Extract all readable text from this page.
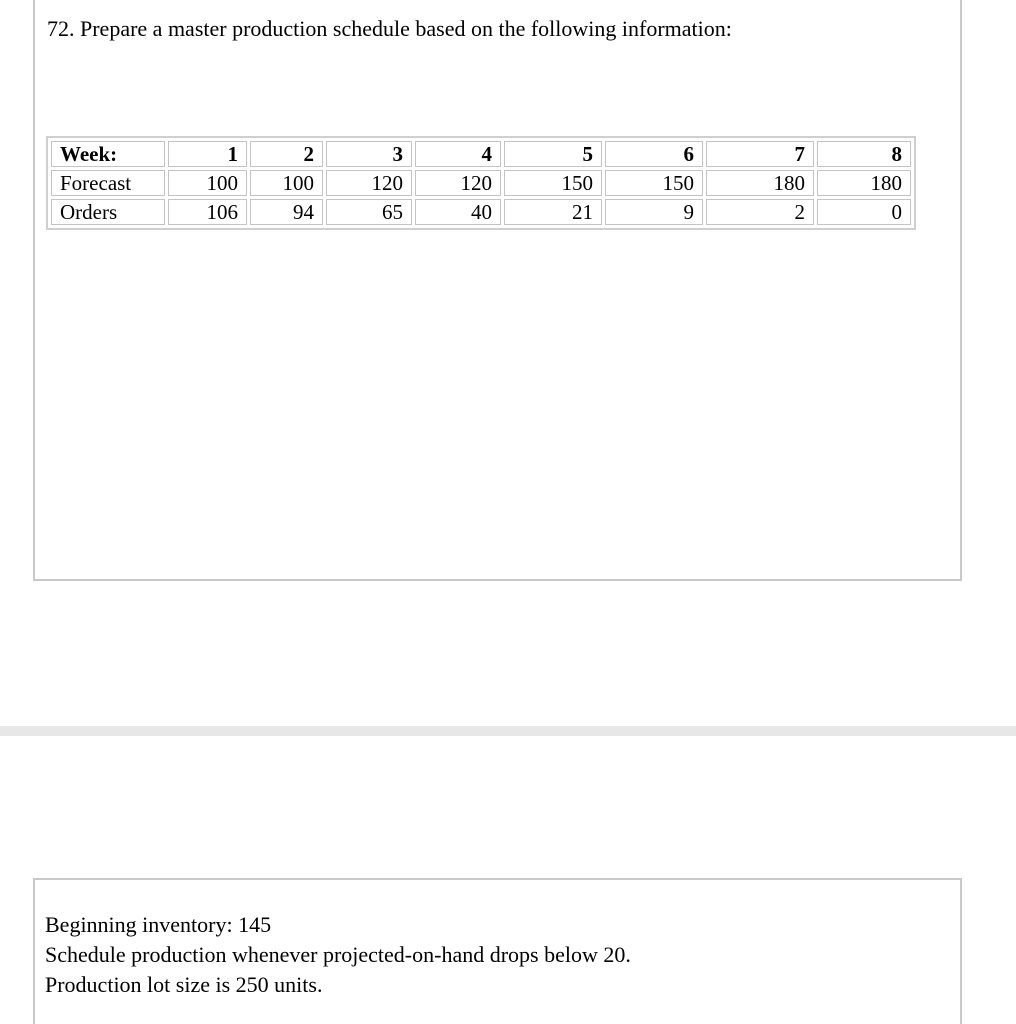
72. Prepare a master production schedule based on the following information:
Week:	1	2	3	4	5	6	7	8
Forecast	100	100	120	120	150	150	180	180
Orders	106	94	65	40	21	9	2	0
Beginning inventory: 145
Schedule production whenever projected-on-hand drops below 20.
Production lot size is 250 units.
